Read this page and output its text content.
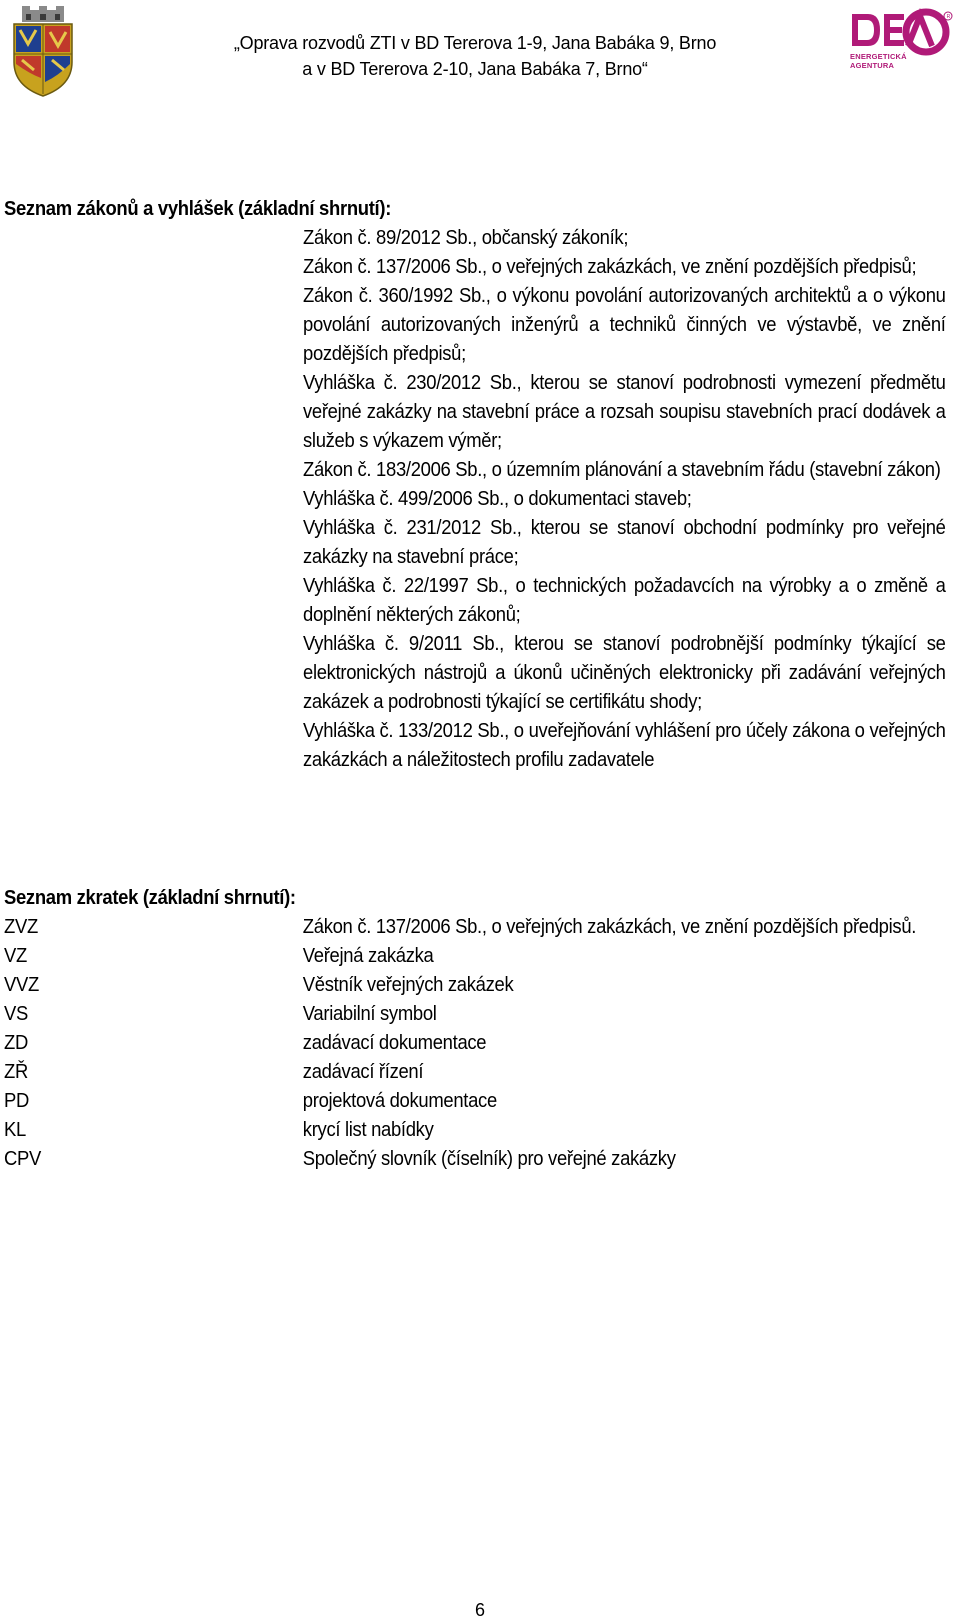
„Oprava rozvodů ZTI v BD Tererova 1-9, Jana Babáka 9, Brno
a v BD Tererova 2-10, Jana Babáka 7, Brno“
R
ENERGETICKÁ
AGENTURA
Seznam zákonů a vyhlášek (základní shrnutí):

Zákon č. 89/2012 Sb., občanský zákoník;

Zákon č. 137/2006 Sb., o veřejných zakázkách, ve znění pozdějších předpisů;

Zákon č. 360/1992 Sb., o výkonu povolání autorizovaných architektů a o výkonu povolání autorizovaných inženýrů a techniků činných ve výstavbě, ve znění pozdějších předpisů;

Vyhláška č. 230/2012 Sb., kterou se stanoví podrobnosti vymezení předmětu veřejné zakázky na stavební práce a rozsah soupisu stavebních prací dodávek a služeb s výkazem výměr;

Zákon č. 183/2006 Sb., o územním plánování a stavebním řádu (stavební zákon)

Vyhláška č. 499/2006 Sb., o dokumentaci staveb;

Vyhláška č. 231/2012 Sb., kterou se stanoví obchodní podmínky pro veřejné zakázky na stavební práce;

Vyhláška č. 22/1997 Sb., o technických požadavcích na výrobky a o změně a doplnění některých zákonů;

Vyhláška č. 9/2011 Sb., kterou se stanoví podrobnější podmínky týkající se elektronických nástrojů a úkonů učiněných elektronicky při zadávání veřejných zakázek a podrobnosti týkající se certifikátu shody;

Vyhláška č. 133/2012 Sb., o uveřejňování vyhlášení pro účely zákona o veřejných zakázkách a náležitostech profilu zadavatele

Seznam zkratek (základní shrnutí):
ZVZ	Zákon č. 137/2006 Sb., o veřejných zakázkách, ve znění pozdějších předpisů.
VZ	Veřejná zakázka
VVZ	Věstník veřejných zakázek
VS	Variabilní symbol
ZD	zadávací dokumentace
ZŘ	zadávací řízení
PD	projektová dokumentace
KL	krycí list nabídky
CPV	Společný slovník (číselník) pro veřejné zakázky
6
